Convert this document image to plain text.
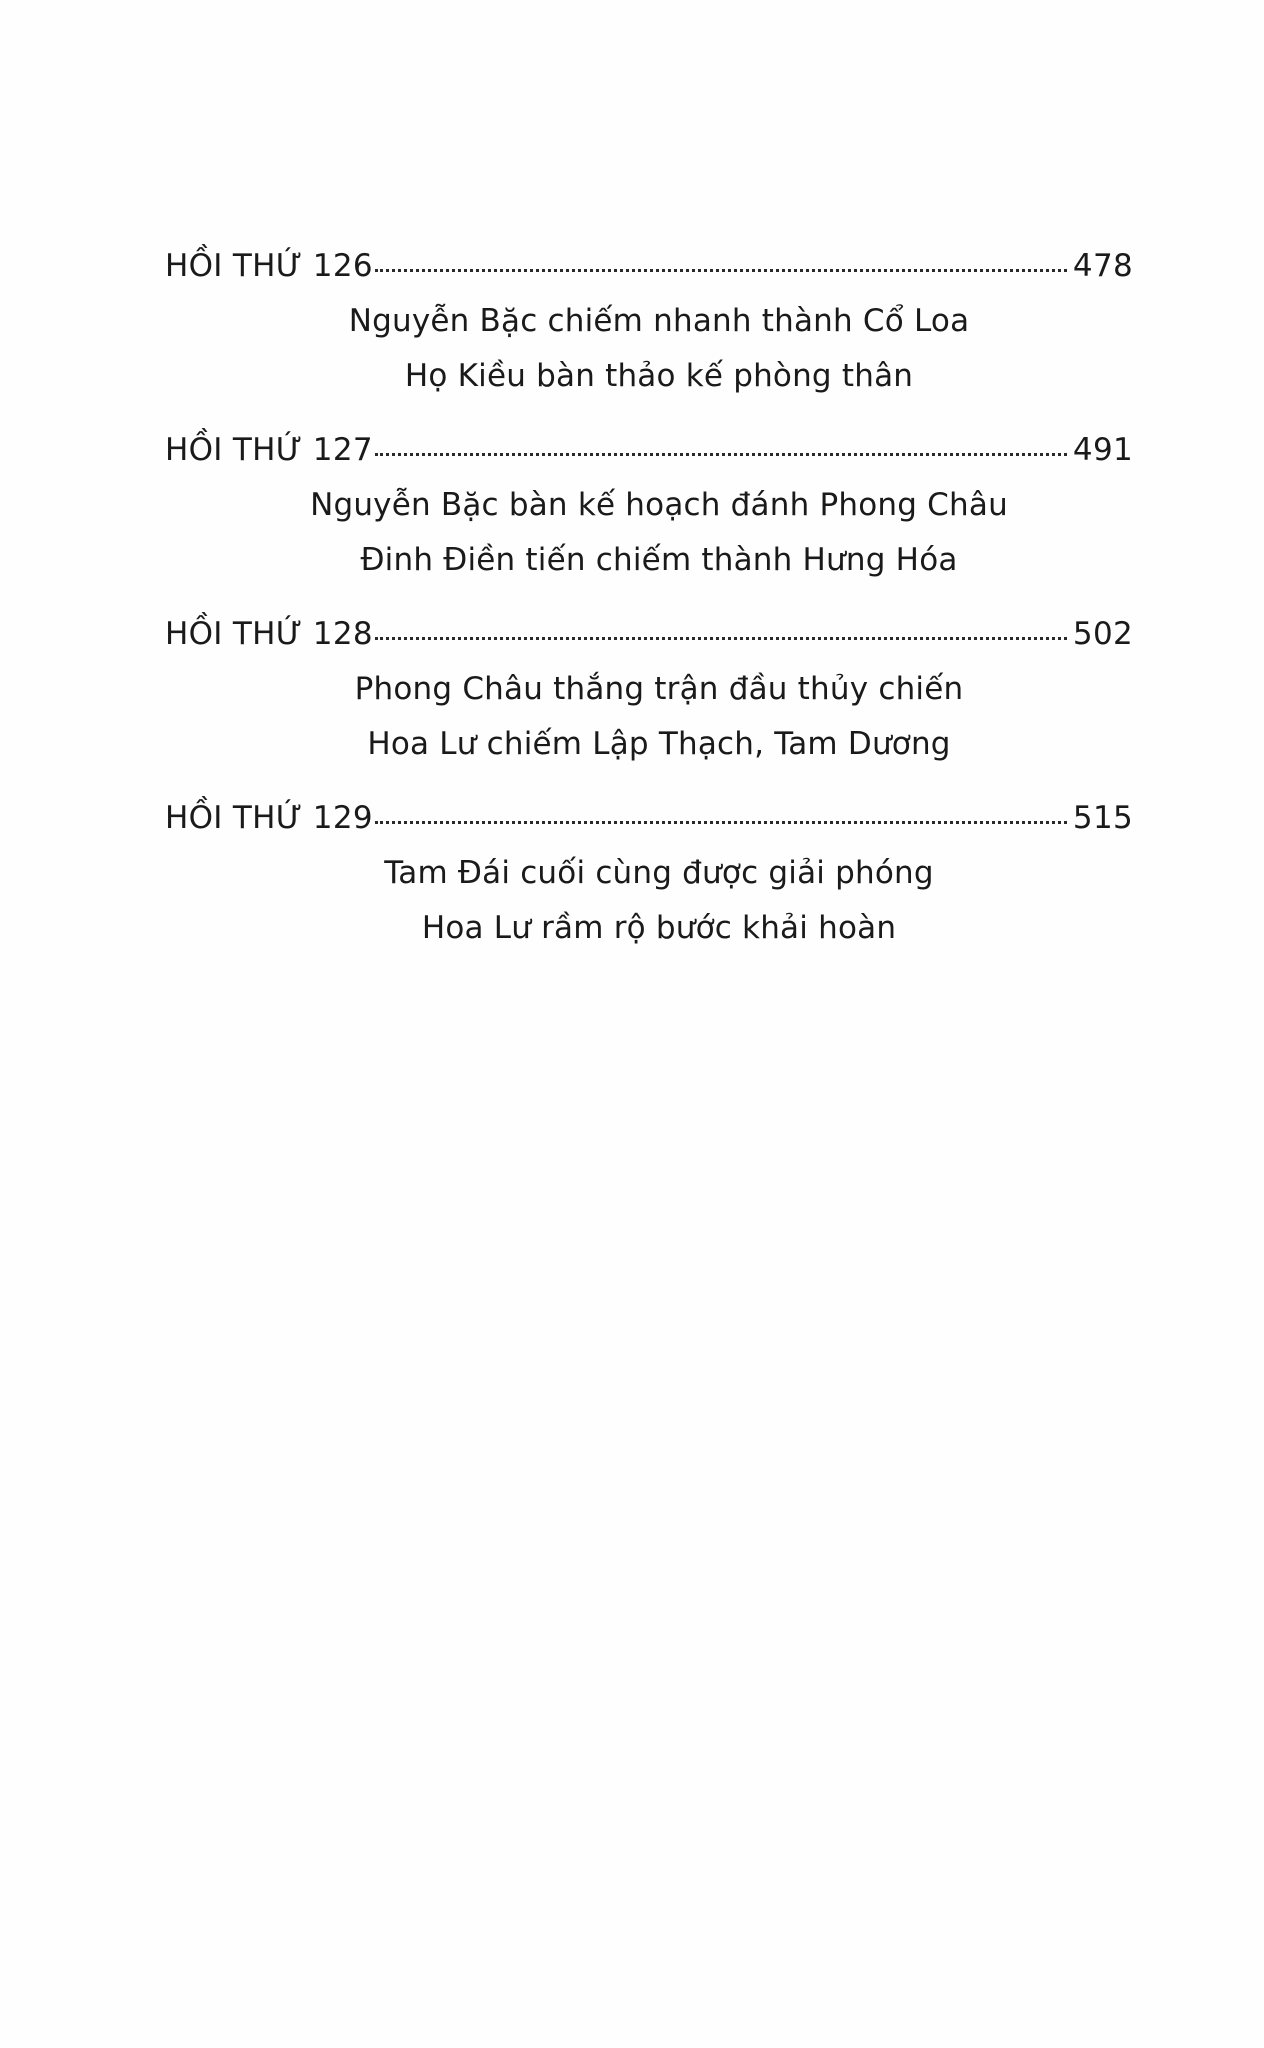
HỒI THỨ 126	478
Nguyễn Bặc chiếm nhanh thành Cổ Loa
Họ Kiều bàn thảo kế phòng thân
HỒI THỨ 127	491
Nguyễn Bặc bàn kế hoạch đánh Phong Châu
Đinh Điền tiến chiếm thành Hưng Hóa
HỒI THỨ 128	502
Phong Châu thắng trận đầu thủy chiến
Hoa Lư chiếm Lập Thạch, Tam Dương
HỒI THỨ 129	515
Tam Đái cuối cùng được giải phóng
Hoa Lư rầm rộ bước khải hoàn
